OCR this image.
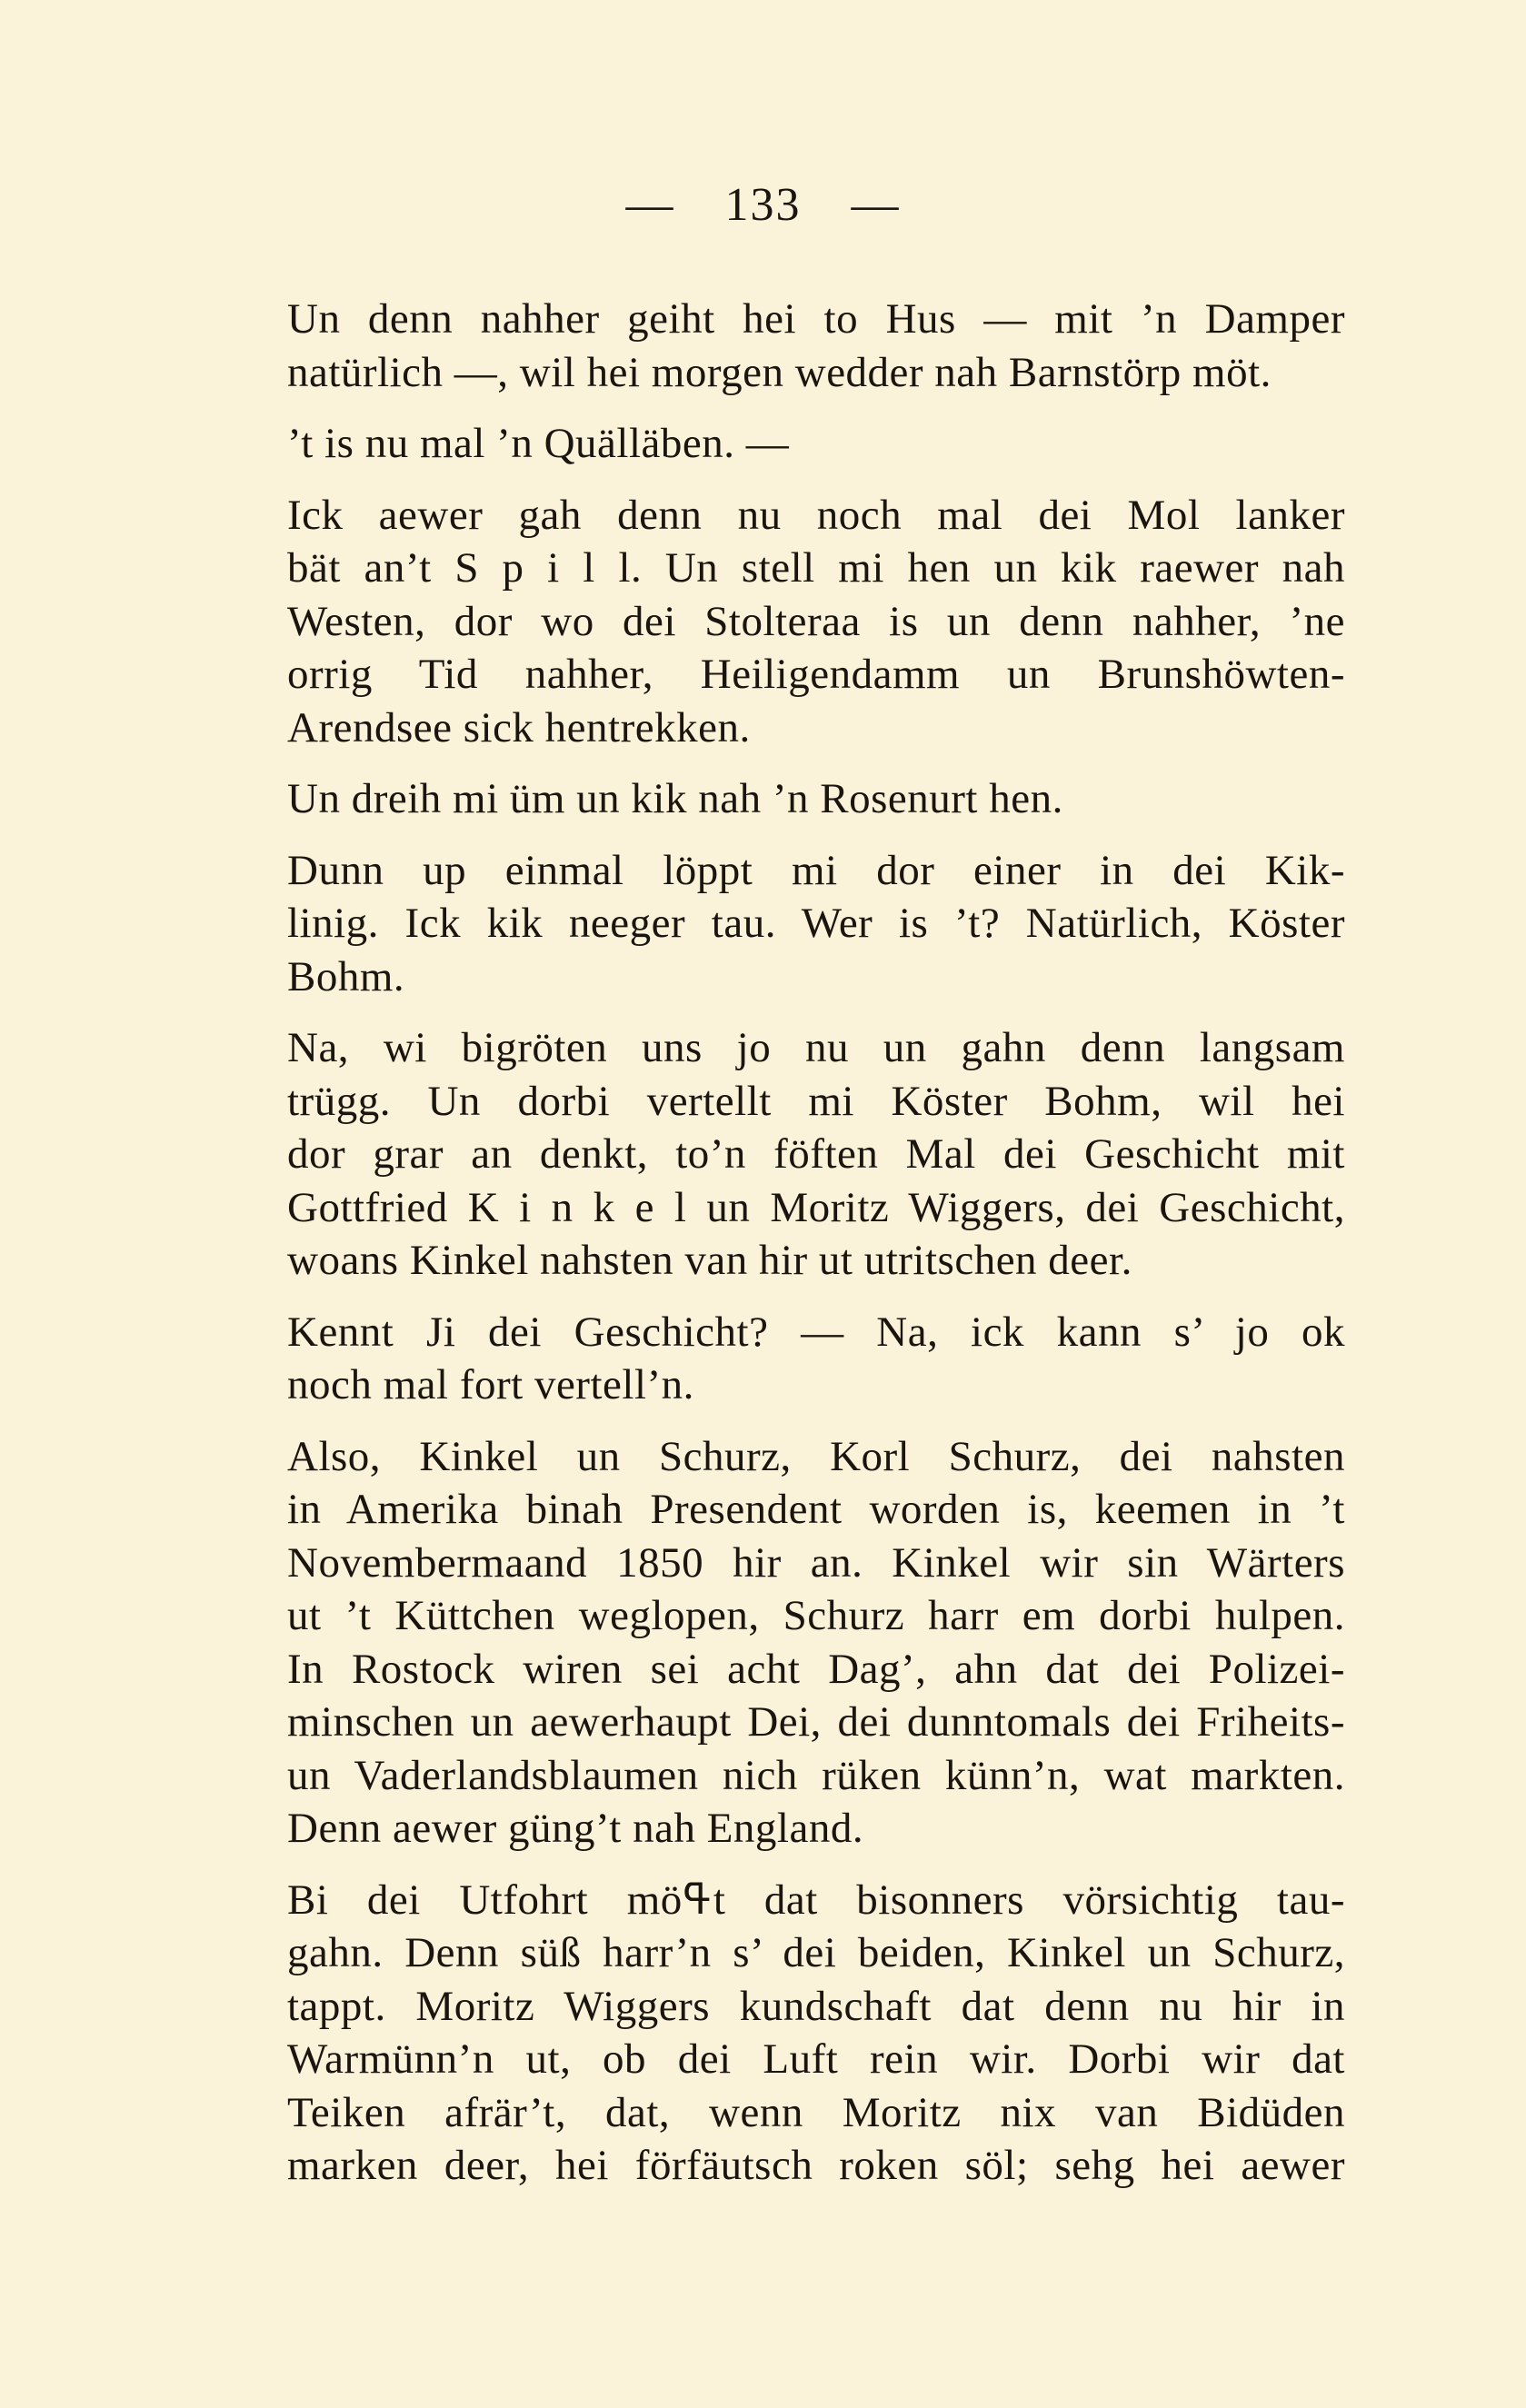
— 133 —
Un denn nahher geiht hei to Hus — mit ’n Damper
natürlich —, wil hei morgen wedder nah Barnstörp möt.
’t is nu mal ’n Quälläben. —
Ick aewer gah denn nu noch mal dei Mol lanker
bät an’t S p i l l. Un stell mi hen un kik raewer nah
Westen, dor wo dei Stolteraa is un denn nahher, ’ne
orrig Tid nahher, Heiligendamm un Brunshöwten-
Arendsee sick hentrekken.
Un dreih mi üm un kik nah ’n Rosenurt hen.
Dunn up einmal löppt mi dor einer in dei Kik-
linig. Ick kik neeger tau. Wer is ’t? Natürlich, Köster
Bohm.
Na, wi bigröten uns jo nu un gahn denn langsam
trügg. Un dorbi vertellt mi Köster Bohm, wil hei
dor grar an denkt, to’n föften Mal dei Geschicht mit
Gottfried K i n k e l un Moritz Wiggers, dei Geschicht,
woans Kinkel nahsten van hir ut utritschen deer.
Kennt Ji dei Geschicht? — Na, ick kann s’ jo ok
noch mal fort vertell’n.
Also, Kinkel un Schurz, Korl Schurz, dei nahsten
in Amerika binah Presendent worden is, keemen in ’t
Novembermaand 1850 hir an. Kinkel wir sin Wärters
ut ’t Küttchen weglopen, Schurz harr em dorbi hulpen.
In Rostock wiren sei acht Dag’, ahn dat dei Polizei-
minschen un aewerhaupt Dei, dei dunntomals dei Friheits-
un Vaderlandsblaumen nich rüken künn’n, wat markten.
Denn aewer güng’t nah England.
Bi dei Utfohrt möߟt dat bisonners vörsichtig tau-
gahn. Denn süß harr’n s’ dei beiden, Kinkel un Schurz,
tappt. Moritz Wiggers kundschaft dat denn nu hir in
Warmünn’n ut, ob dei Luft rein wir. Dorbi wir dat
Teiken afrär’t, dat, wenn Moritz nix van Bidüden
marken deer, hei förfäutsch roken söl; sehg hei aewer
